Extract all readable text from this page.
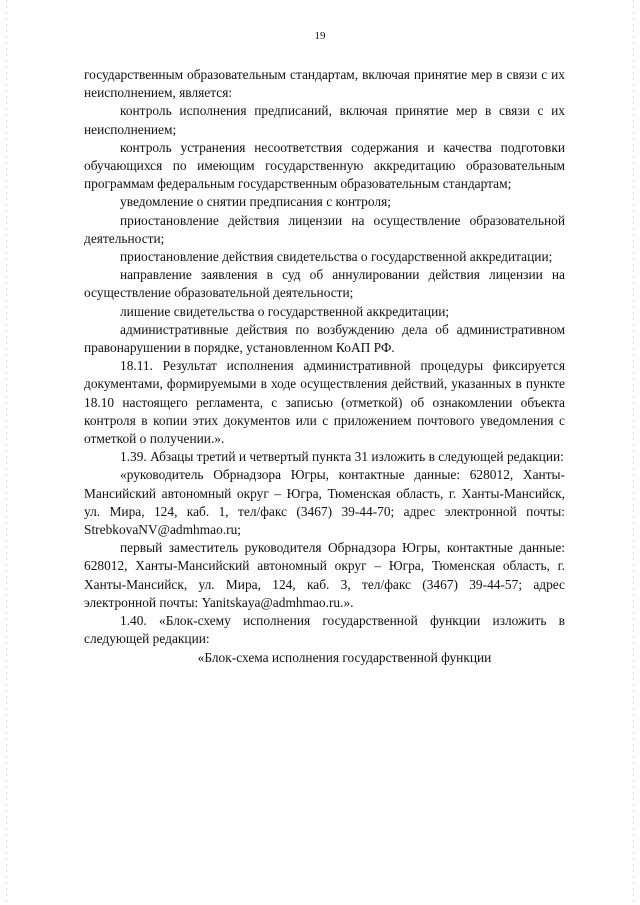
19

государственным образовательным стандартам, включая принятие мер в связи с их неисполнением, является:

контроль исполнения предписаний, включая принятие мер в связи с их неисполнением;

контроль устранения несоответствия содержания и качества подготовки обучающихся по имеющим государственную аккредитацию образовательным программам федеральным государственным образовательным стандартам;

уведомление о снятии предписания с контроля;

приостановление действия лицензии на осуществление образовательной деятельности;

приостановление действия свидетельства о государственной аккредитации;

направление заявления в суд об аннулировании действия лицензии на осуществление образовательной деятельности;

лишение свидетельства о государственной аккредитации;

административные действия по возбуждению дела об административном правонарушении в порядке, установленном КоАП РФ.

18.11. Результат исполнения административной процедуры фиксируется документами, формируемыми в ходе осуществления действий, указанных в пункте 18.10 настоящего регламента, с записью (отметкой) об ознакомлении объекта контроля в копии этих документов или с приложением почтового уведомления с отметкой о получении.».

1.39. Абзацы третий и четвертый пункта 31 изложить в следующей редакции:

«руководитель Обрнадзора Югры, контактные данные: 628012, Ханты-Мансийский автономный округ – Югра, Тюменская область, г. Ханты-Мансийск, ул. Мира, 124, каб. 1, тел/факс (3467) 39-44-70; адрес электронной почты: StrebkovaNV@admhmao.ru;

первый заместитель руководителя Обрнадзора Югры, контактные данные: 628012, Ханты-Мансийский автономный округ – Югра, Тюменская область, г. Ханты-Мансийск, ул. Мира, 124, каб. 3, тел/факс (3467) 39-44-57; адрес электронной почты: Yanitskaya@admhmao.ru.».

1.40. «Блок-схему исполнения государственной функции изложить в следующей редакции:

«Блок-схема исполнения государственной функции
